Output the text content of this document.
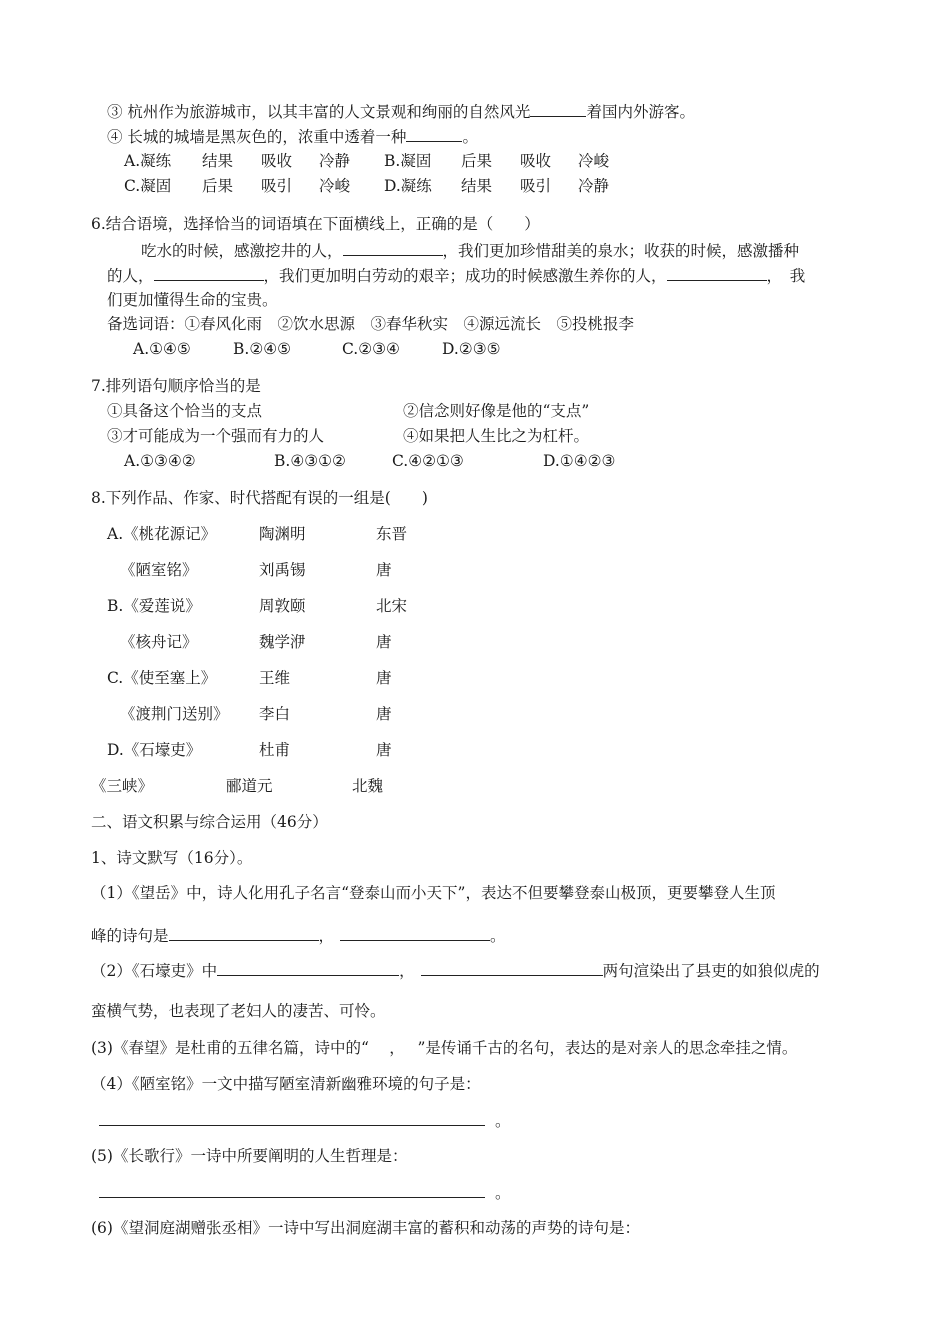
③ 杭州作为旅游城市，以其丰富的人文景观和绚丽的自然风光	着国内外游客。
④ 长城的城墙是黑灰色的，浓重中透着一种	。
A.凝练 结果 吸收 冷静 B.凝固 后果 吸收 冷峻
C.凝固 后果 吸引 冷峻 D.凝练 结果 吸引 冷静
6.结合语境，选择恰当的词语填在下面横线上，正确的是（　　）
吃水的时候，感激挖井的人，	，我们更加珍惜甜美的泉水；收获的时候，感激播种
的人，	，我们更加明白劳动的艰辛；成功的时候感激生养你的人，	，　我
们更加懂得生命的宝贵。
备选词语：①春风化雨　②饮水思源　③春华秋实　④源远流长　⑤投桃报李
A.①④⑤	B.②④⑤	C.②③④	D.②③⑤
7.排列语句顺序恰当的是
①具备这个恰当的支点	②信念则好像是他的“支点”
③才可能成为一个强而有力的人	④如果把人生比之为杠杆。
A.①③④②	B.④③①②	C.④②①③	D.①④②③
8.下列作品、作家、时代搭配有误的一组是(　　)
A.《桃花源记》	陶渊明	东晋
《陋室铭》	刘禹锡	唐
B.《爱莲说》	周敦颐	北宋
《核舟记》	魏学洢	唐
C.《使至塞上》	王维	唐
《渡荆门送别》 李白	唐
D.《石壕吏》	杜甫	唐
《三峡》	郦道元	北魏
二、语文积累与综合运用（46分）
1、诗文默写（16分）。
（1）《望岳》中，诗人化用孔子名言“登泰山而小天下”，表达不但要攀登泰山极顶，更要攀登人生顶
峰的诗句是	，	。
（2）《石壕吏》中	，	两句渲染出了县吏的如狼似虎的
蛮横气势，也表现了老妇人的凄苦、可怜。
(3)《春望》是杜甫的五律名篇，诗中的“　 ，　 ”是传诵千古的名句，表达的是对亲人的思念牵挂之情。
（4）《陋室铭》一文中描写陋室清新幽雅环境的句子是：
。
(5)《长歌行》一诗中所要阐明的人生哲理是：
。
(6)《望洞庭湖赠张丞相》一诗中写出洞庭湖丰富的蓄积和动荡的声势的诗句是：
